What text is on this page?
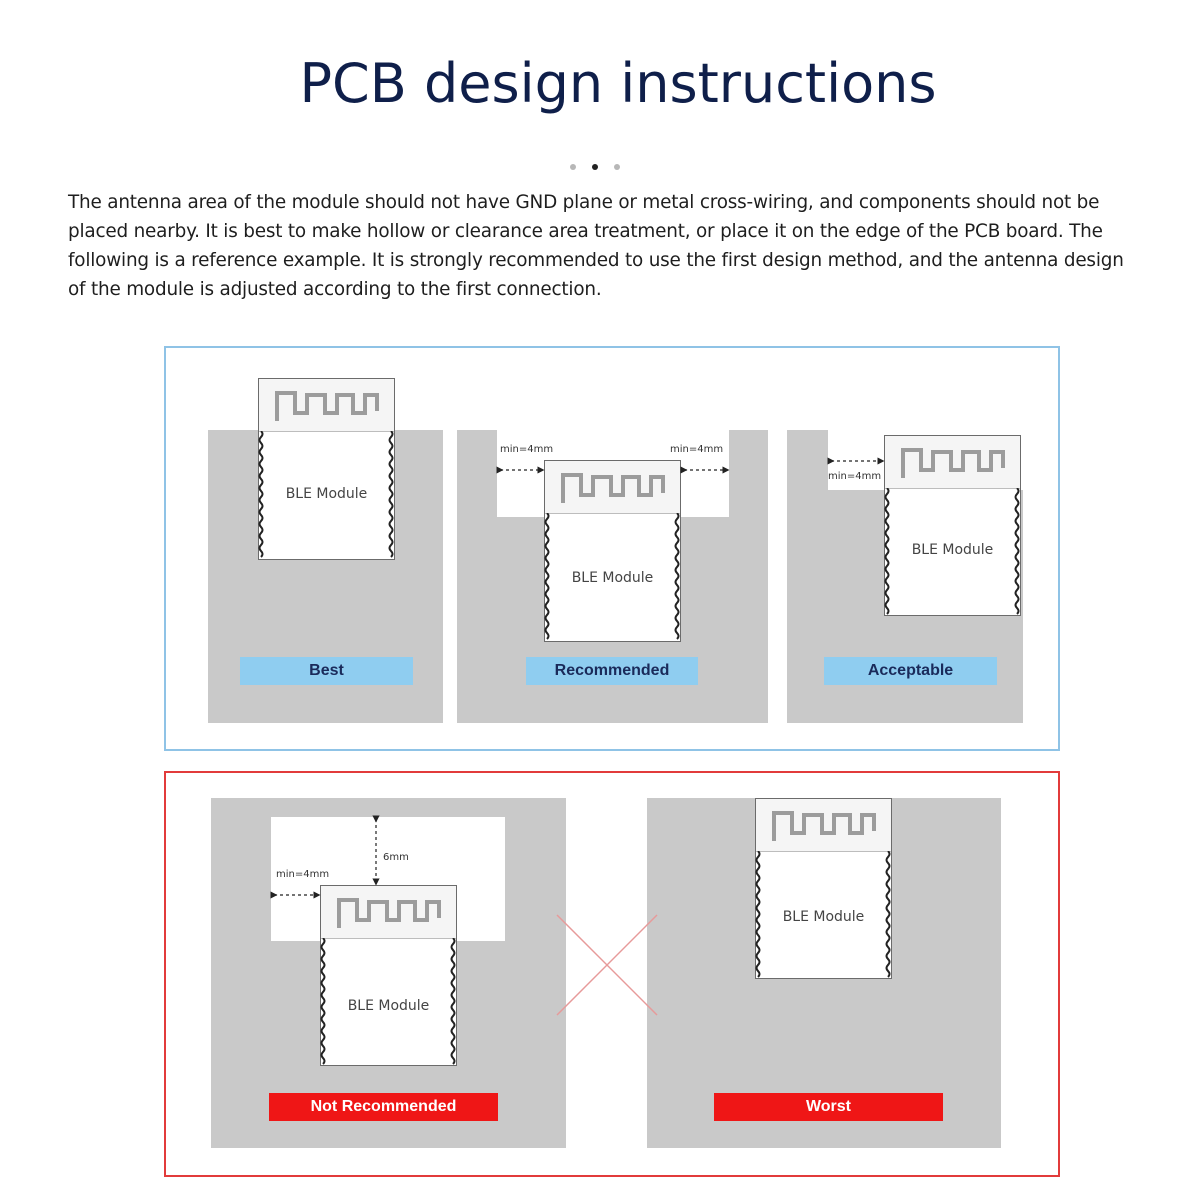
PCB design instructions
The antenna area of the module should not have GND plane or metal cross-wiring, and components should not be placed nearby. It is best to make hollow or clearance area treatment, or place it on the edge of the PCB board. The following is a reference example. It is strongly recommended to use the first design method, and the antenna design of the module is adjusted according to the first connection.
BLE Module
Best
BLE Module
min=4mm	min=4mm
Recommended
BLE Module
min=4mm
Acceptable
BLE Module
6mm
min=4mm
Not Recommended
BLE Module
Worst
